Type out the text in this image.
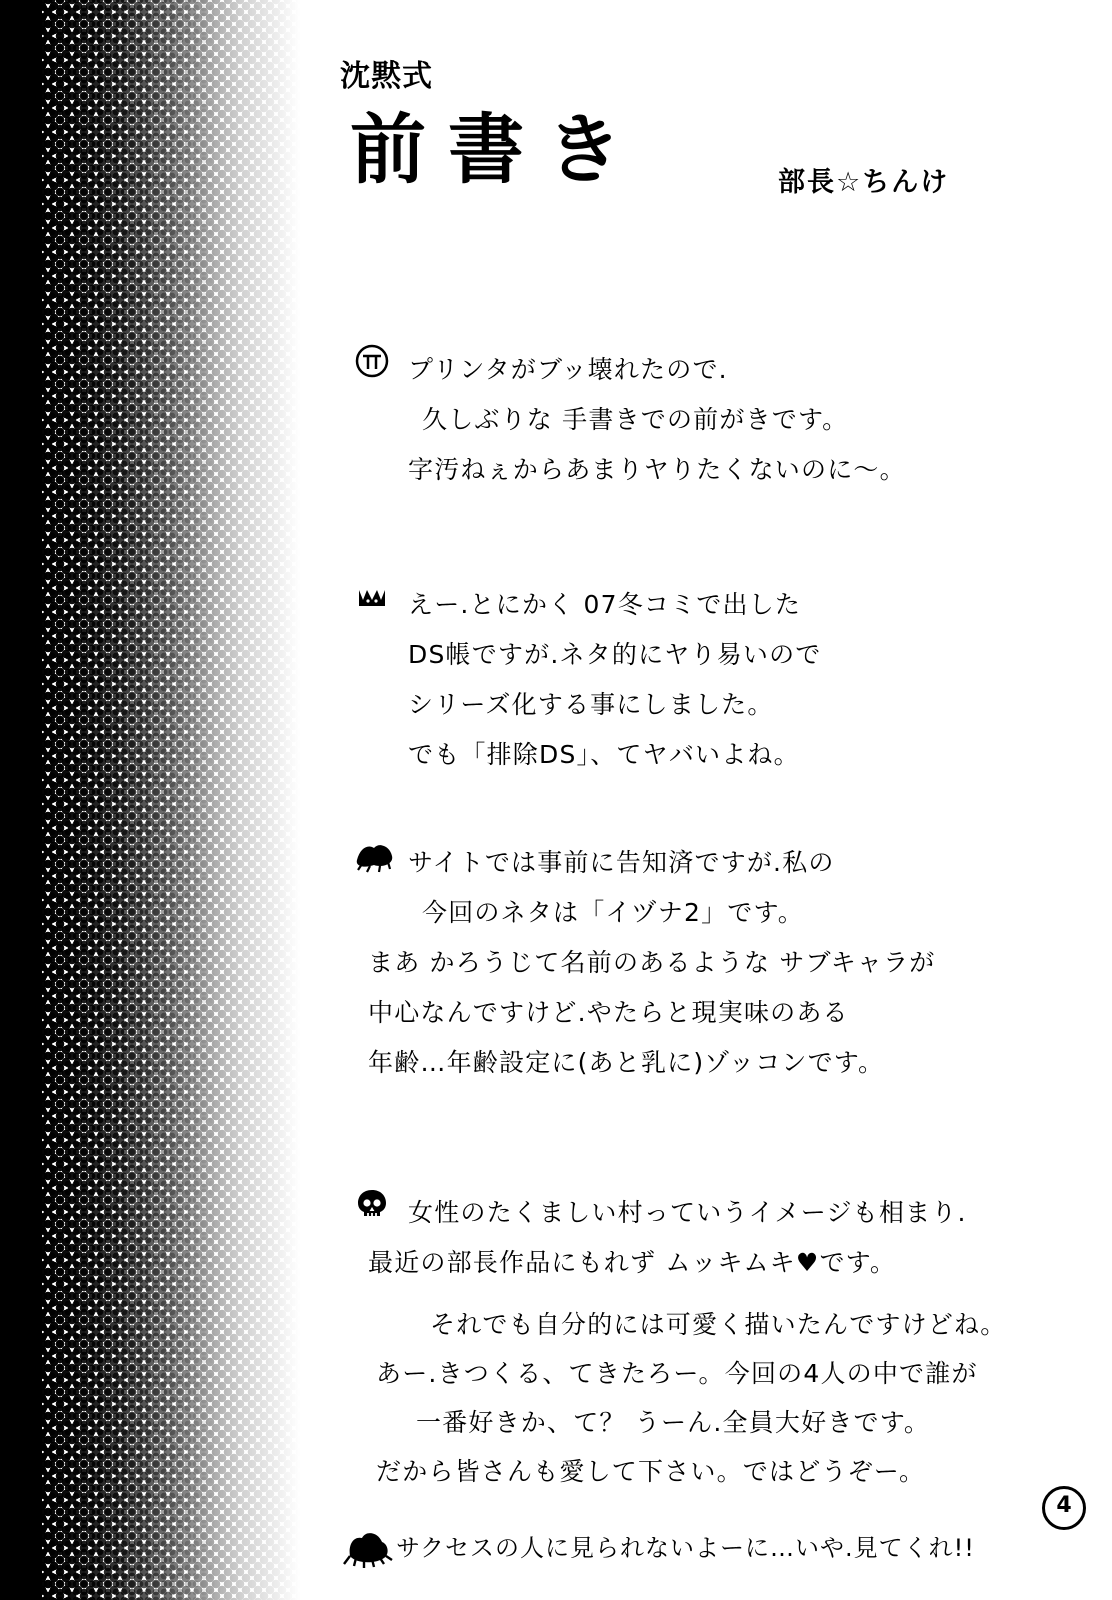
沈黙式
前書き	部長☆ちんけ
プリンタがブッ壊れたので.
久しぶりな 手書きでの前がきです。
字汚ねぇからあまりヤりたくないのに〜。
えー.とにかく 07冬コミで出した
DS帳ですが.ネタ的にヤり易いので
シリーズ化する事にしました。
でも「排除DS」、てヤバいよね。
サイトでは事前に告知済ですが.私の
今回のネタは「イヅナ2」です。
まあ かろうじて名前のあるような サブキャラが
中心なんですけど.やたらと現実味のある
年齢…年齢設定に(あと乳に)ゾッコンです。
女性のたくましい村っていうイメージも相まり.
最近の部長作品にもれず ムッキムキ♥です。
それでも自分的には可愛く描いたんですけどね。
あー.きつくる、てきたろー。今回の4人の中で誰が
一番好きか、て？ うーん.全員大好きです。
だから皆さんも愛して下さい。ではどうぞー。
4
サクセスの人に見られないよーに…いや.見てくれ!!
